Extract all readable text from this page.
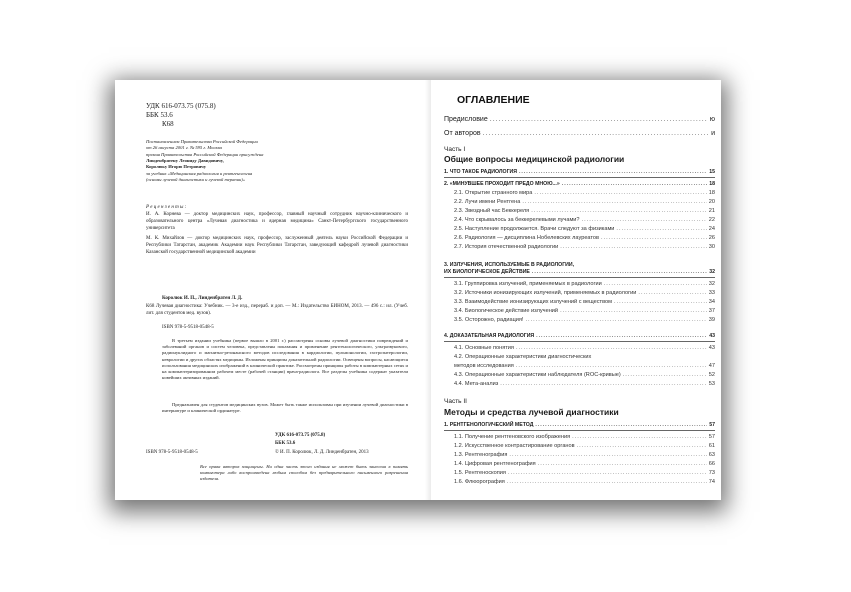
УДК 616-073.75 (075.8)
ББК 53.6
К68
Постановлением Правительства Российской Федерации
от 26 августа 2001 г. № 595 г. Москва
премия Правительства Российской Федерации присуждена
Линденбратену Леониду Давидовичу,
Королюку Игорю Петровичу
за учебник «Медицинская радиология и рентгенология
(основы лучевой диагностики и лучевой терапии)»
Р е ц е н з е н т ы :
И. А. Корнева — доктор медицинских наук, профессор, главный научный сотрудник научно-клинического и образовательного центра «Лучевая диагностика и ядерная медицина» Санкт-Петербургского государственного университета
М. К. Михайлов — доктор медицинских наук, профессор, заслуженный деятель науки Российской Федерации и Республики Татарстан, академик Академии наук Республики Татарстан, заведующий кафедрой лучевой диагностики Казанской государственной медицинской академии
Королюк И. П., Линденбратен Л. Д.
К68 Лучевая диагностика: Учебник. — 3-е изд., перераб. и доп. — М.: Издательство БИНОМ, 2013. — 496 с.: ил. (Учеб. лит. для студентов мед. вузов).
ISBN 978-5-9518-0548-5
В третьем издании учебника (первое вышло в 2001 г.) рассмотрены основы лучевой диагностики повреждений и заболеваний органов и систем человека, представлены показания и применение рентгенологического, ультразвукового, радионуклидного и магнитно-резонансного методов исследования в кардиологии, пульмонологии, гастроэнтерологии, неврологии и других областях медицины. Изложены принципы доказательной радиологии. Освещены вопросы, касающиеся использования медицинских изображений в клинической практике. Рассмотрены принципы работы в компьютерных сетях и на компьютеризированном рабочем месте (рабочей станции) врача-радиолога. Все разделы учебника содержат указатели новейших активных изданий.
Предназначен для студентов медицинских вузов. Может быть также использован при изучении лучевой диагностики в интернатуре и клинической ординатуре.
УДК 616-073.75 (075.8)
ББК 53.6
ISBN 978-5-9518-0548-5	© И. П. Королюк, Л. Д. Линденбратен, 2013
Все права авторов защищены. Ни одна часть этого издания не может быть занесена в память компьютера либо воспроизведена любым способом без предварительного письменного разрешения издателя.
ОГЛАВЛЕНИЕ
Предисловие .....	ю
От авторов .....	и
Часть I
Общие вопросы медицинской радиологии
1. ЧТО ТАКОЕ РАДИОЛОГИЯ .....	15
2. «МИНУВШЕЕ ПРОХОДИТ ПРЕДО МНОЮ...» .....	18
2.1. Открытие странного мира .....	18
2.2. Лучи имени Рентгена .....	20
2.3. Звездный час Беккереля .....	21
2.4. Что скрывалось за беккерелевыми лучами? .....	22
2.5. Наступление продолжается. Врачи следуют за физиками .....	24
2.6. Радиология — дисциплина Нобелевских лауреатов .....	26
2.7. История отечественной радиологии .....	30
3. ИЗЛУЧЕНИЯ, ИСПОЛЬЗУЕМЫЕ В РАДИОЛОГИИ,
ИХ БИОЛОГИЧЕСКОЕ ДЕЙСТВИЕ .....	32
3.1. Группировка излучений, применяемых в радиологии .....	32
3.2. Источники ионизирующих излучений, применяемых в радиологии .....	33
3.3. Взаимодействие ионизирующих излучений с веществом .....	34
3.4. Биологическое действие излучений .....	37
3.5. Осторожно, радиация! .....	39
4. ДОКАЗАТЕЛЬНАЯ РАДИОЛОГИЯ .....	43
4.1. Основные понятия .....	43
4.2. Операционные характеристики диагностических
методов исследования .....	47
4.3. Операционные характеристики наблюдателя (ROC-кривые) .....	52
4.4. Мета-анализ .....	53
Часть II
Методы и средства лучевой диагностики
1. РЕНТГЕНОЛОГИЧЕСКИЙ МЕТОД .....	57
1.1. Получение рентгеновского изображения .....	57
1.2. Искусственное контрастирование органов .....	61
1.3. Рентгенография .....	63
1.4. Цифровая рентгенография .....	66
1.5. Рентгеноскопия .....	73
1.6. Флюорография .....	74
